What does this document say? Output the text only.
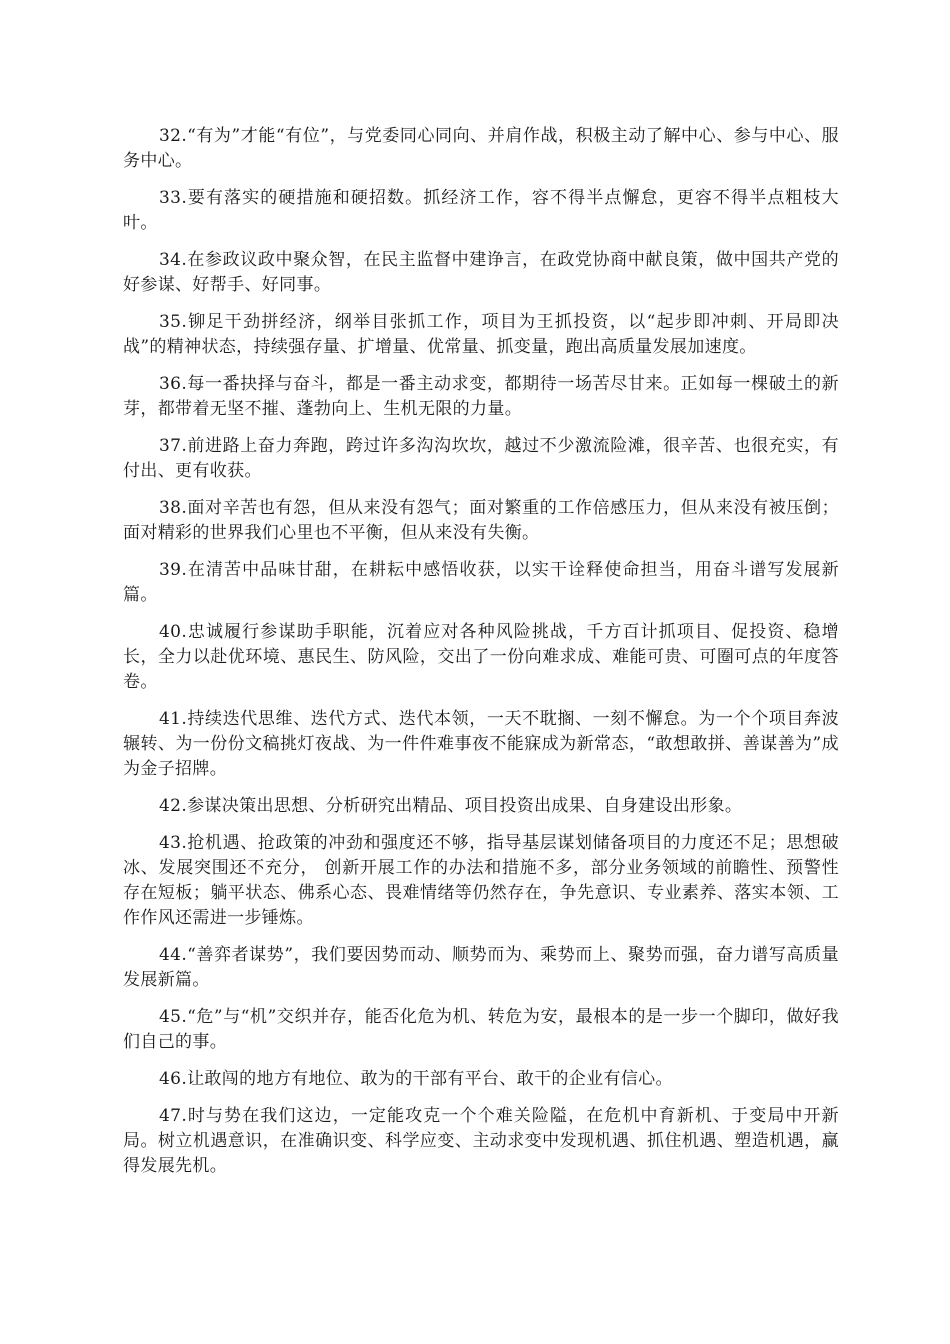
32.“有为”才能“有位”，与党委同心同向、并肩作战，积极主动了解中心、参与中心、服务中心。

33.要有落实的硬措施和硬招数。抓经济工作，容不得半点懈怠，更容不得半点粗枝大叶。

34.在参政议政中聚众智，在民主监督中建诤言，在政党协商中献良策，做中国共产党的好参谋、好帮手、好同事。

35.铆足干劲拼经济，纲举目张抓工作，项目为王抓投资，以“起步即冲刺、开局即决战”的精神状态，持续强存量、扩增量、优常量、抓变量，跑出高质量发展加速度。

36.每一番抉择与奋斗，都是一番主动求变，都期待一场苦尽甘来。正如每一棵破土的新芽，都带着无坚不摧、蓬勃向上、生机无限的力量。

37.前进路上奋力奔跑，跨过许多沟沟坎坎，越过不少激流险滩，很辛苦、也很充实，有付出、更有收获。

38.面对辛苦也有怨，但从来没有怨气；面对繁重的工作倍感压力，但从来没有被压倒；面对精彩的世界我们心里也不平衡，但从来没有失衡。

39.在清苦中品味甘甜，在耕耘中感悟收获，以实干诠释使命担当，用奋斗谱写发展新篇。

40.忠诚履行参谋助手职能，沉着应对各种风险挑战，千方百计抓项目、促投资、稳增长，全力以赴优环境、惠民生、防风险，交出了一份向难求成、难能可贵、可圈可点的年度答卷。

41.持续迭代思维、迭代方式、迭代本领，一天不耽搁、一刻不懈怠。为一个个项目奔波辗转、为一份份文稿挑灯夜战、为一件件难事夜不能寐成为新常态，“敢想敢拼、善谋善为”成为金子招牌。

42.参谋决策出思想、分析研究出精品、项目投资出成果、自身建设出形象。

43.抢机遇、抢政策的冲劲和强度还不够，指导基层谋划储备项目的力度还不足；思想破冰、发展突围还不充分， 创新开展工作的办法和措施不多，部分业务领域的前瞻性、预警性存在短板；躺平状态、佛系心态、畏难情绪等仍然存在，争先意识、专业素养、落实本领、工作作风还需进一步锤炼。

44.“善弈者谋势”，我们要因势而动、顺势而为、乘势而上、聚势而强，奋力谱写高质量发展新篇。

45.“危”与“机”交织并存，能否化危为机、转危为安，最根本的是一步一个脚印，做好我们自己的事。

46.让敢闯的地方有地位、敢为的干部有平台、敢干的企业有信心。

47.时与势在我们这边，一定能攻克一个个难关险隘，在危机中育新机、于变局中开新局。树立机遇意识，在准确识变、科学应变、主动求变中发现机遇、抓住机遇、塑造机遇，赢得发展先机。
